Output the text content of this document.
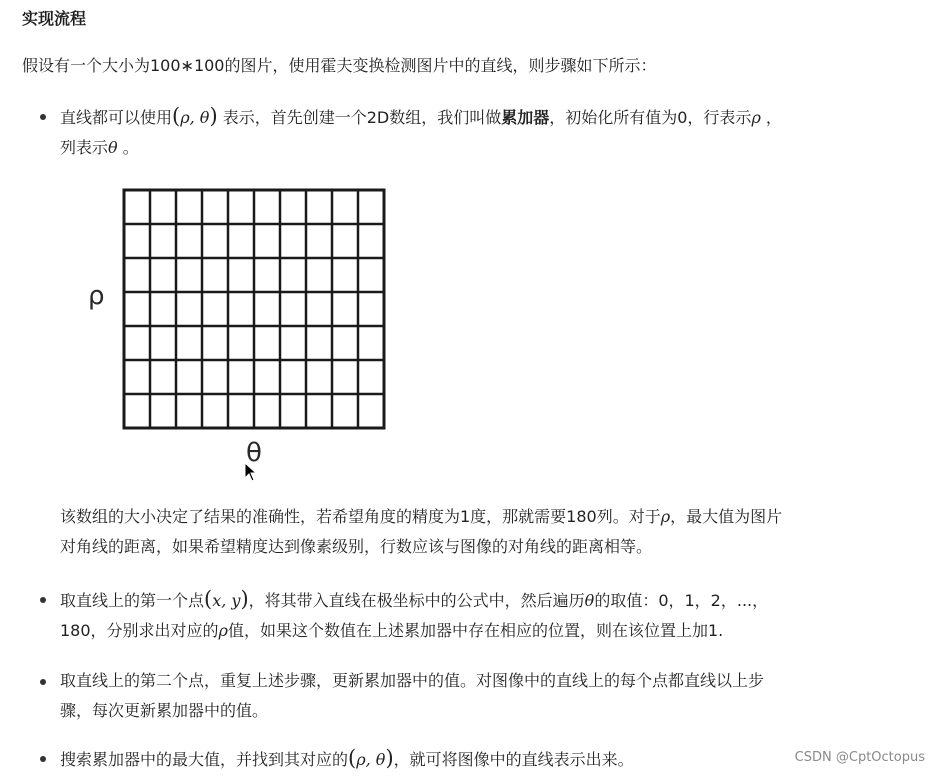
实现流程
假设有一个大小为100∗100的图片，使用霍夫变换检测图片中的直线，则步骤如下所示：
直线都可以使用(ρ, θ) 表示，首先创建一个2D数组，我们叫做累加器，初始化所有值为0，行表示ρ ，
列表示θ 。
ρ
θ
该数组的大小决定了结果的准确性，若希望角度的精度为1度，那就需要180列。对于ρ，最大值为图片
对角线的距离，如果希望精度达到像素级别，行数应该与图像的对角线的距离相等。
取直线上的第一个点(x, y)，将其带入直线在极坐标中的公式中，然后遍历θ的取值：0，1，2，...，
180，分别求出对应的ρ值，如果这个数值在上述累加器中存在相应的位置，则在该位置上加1.
取直线上的第二个点，重复上述步骤，更新累加器中的值。对图像中的直线上的每个点都直线以上步
骤，每次更新累加器中的值。
搜索累加器中的最大值，并找到其对应的(ρ, θ)，就可将图像中的直线表示出来。	CSDN @CptOctopus
